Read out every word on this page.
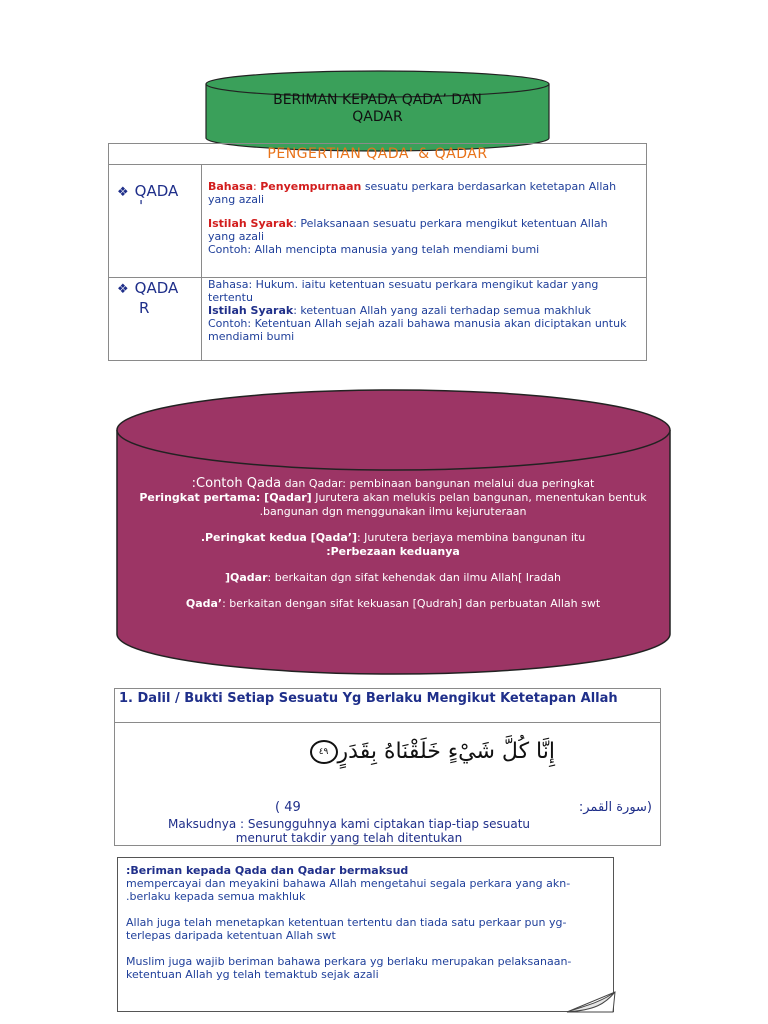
BERIMAN KEPADA QADA’ DAN
QADAR
PENGERTIAN QADA' & QADAR
❖ QADA
'
Bahasa: Penyempurnaan sesuatu perkara berdasarkan ketetapan Allah yang azali
Istilah Syarak: Pelaksanaan sesuatu perkara mengikut ketentuan Allah yang azali
Contoh: Allah mencipta manusia yang telah mendiami bumi
❖ QADA
R
Bahasa: Hukum. iaitu ketentuan sesuatu perkara mengikut kadar yang tertentu
Istilah Syarak: ketentuan Allah yang azali terhadap semua makhluk
Contoh: Ketentuan Allah sejah azali bahawa manusia akan diciptakan untuk mendiami bumi
:Contoh Qada dan Qadar: pembinaan bangunan melalui dua peringkat
Peringkat pertama: [Qadar] Jurutera akan melukis pelan bangunan, menentukan bentuk
.bangunan dgn menggunakan ilmu kejuruteraan
.Peringkat kedua [Qada’]: Jurutera berjaya membina bangunan itu
:Perbezaan keduanya
]Qadar: berkaitan dgn sifat kehendak dan ilmu Allah[ Iradah
Qada’: berkaitan dengan sifat kekuasan [Qudrah] dan perbuatan Allah swt
1. Dalil / Bukti Setiap Sesuatu Yg Berlaku Mengikut Ketetapan Allah
إِنَّا كُلَّ شَيْءٍ خَلَقْنَاهُ بِقَدَرٍ٤٩
( 49	(سورة القمر:
Maksudnya : Sesungguhnya kami ciptakan tiap-tiap sesuatu
menurut takdir yang telah ditentukan
:Beriman kepada Qada dan Qadar bermaksud
mempercayai dan meyakini bahawa Allah mengetahui segala perkara yang akn-
.berlaku kepada semua makhluk
Allah juga telah menetapkan ketentuan tertentu dan tiada satu perkaar pun yg-
terlepas daripada ketentuan Allah swt
Muslim juga wajib beriman bahawa perkara yg berlaku merupakan pelaksanaan-
ketentuan Allah yg telah temaktub sejak azali
